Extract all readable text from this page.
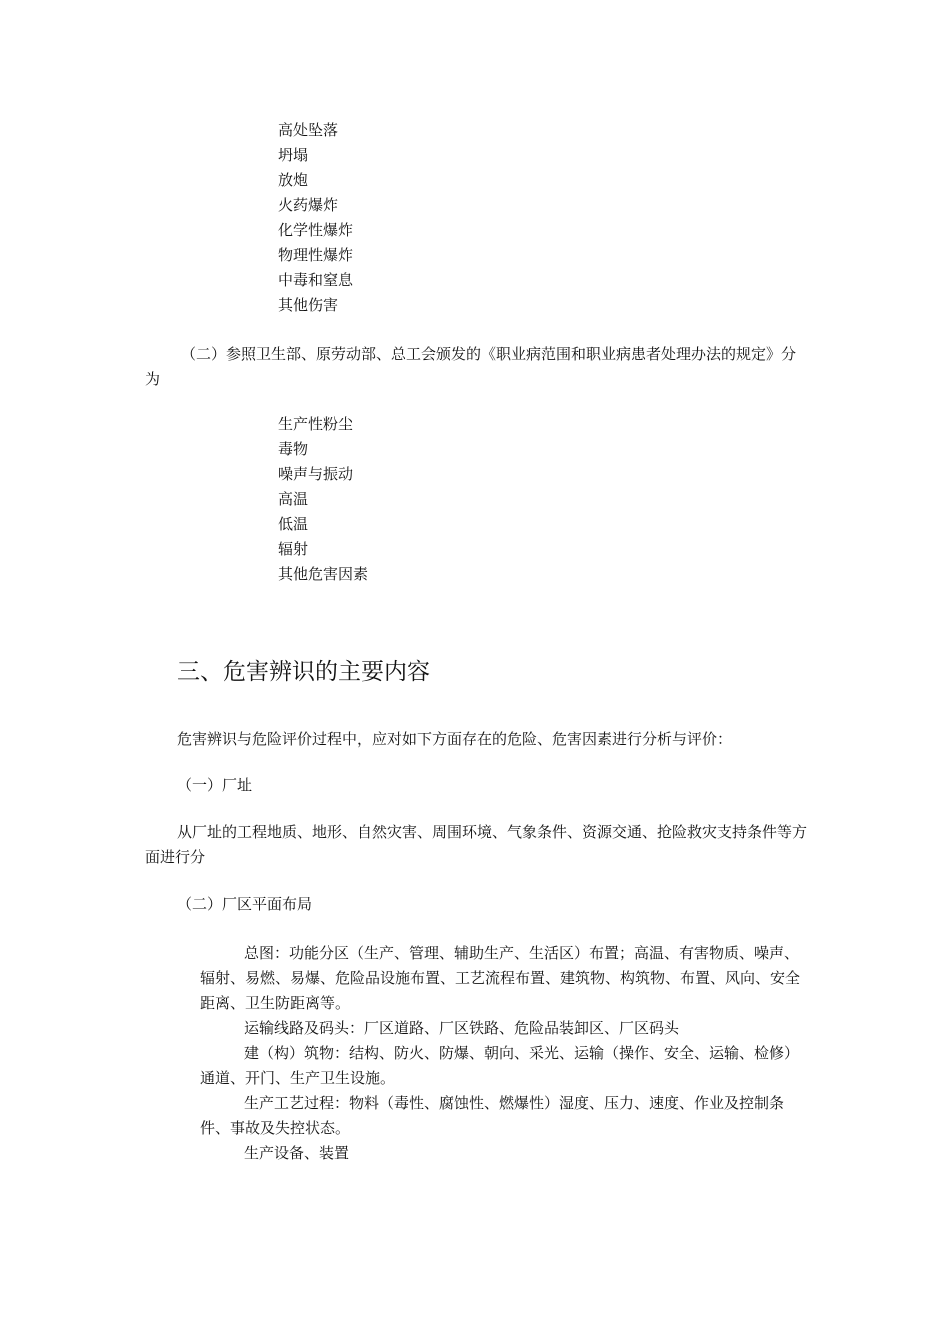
高处坠落
坍塌
放炮
火药爆炸
化学性爆炸
物理性爆炸
中毒和窒息
其他伤害
（二）参照卫生部、原劳动部、总工会颁发的《职业病范围和职业病患者处理办法的规定》分为
生产性粉尘
毒物
噪声与振动
高温
低温
辐射
其他危害因素
三、危害辨识的主要内容
危害辨识与危险评价过程中，应对如下方面存在的危险、危害因素进行分析与评价：
（一）厂址
从厂址的工程地质、地形、自然灾害、周围环境、气象条件、资源交通、抢险救灾支持条件等方面进行分
（二）厂区平面布局
总图：功能分区（生产、管理、辅助生产、生活区）布置；高温、有害物质、噪声、辐射、易燃、易爆、危险品设施布置、工艺流程布置、建筑物、构筑物、布置、风向、安全距离、卫生防距离等。
运输线路及码头：厂区道路、厂区铁路、危险品装卸区、厂区码头
建（构）筑物：结构、防火、防爆、朝向、采光、运输（操作、安全、运输、检修）通道、开门、生产卫生设施。
生产工艺过程：物料（毒性、腐蚀性、燃爆性）湿度、压力、速度、作业及控制条件、事故及失控状态。
生产设备、装置
